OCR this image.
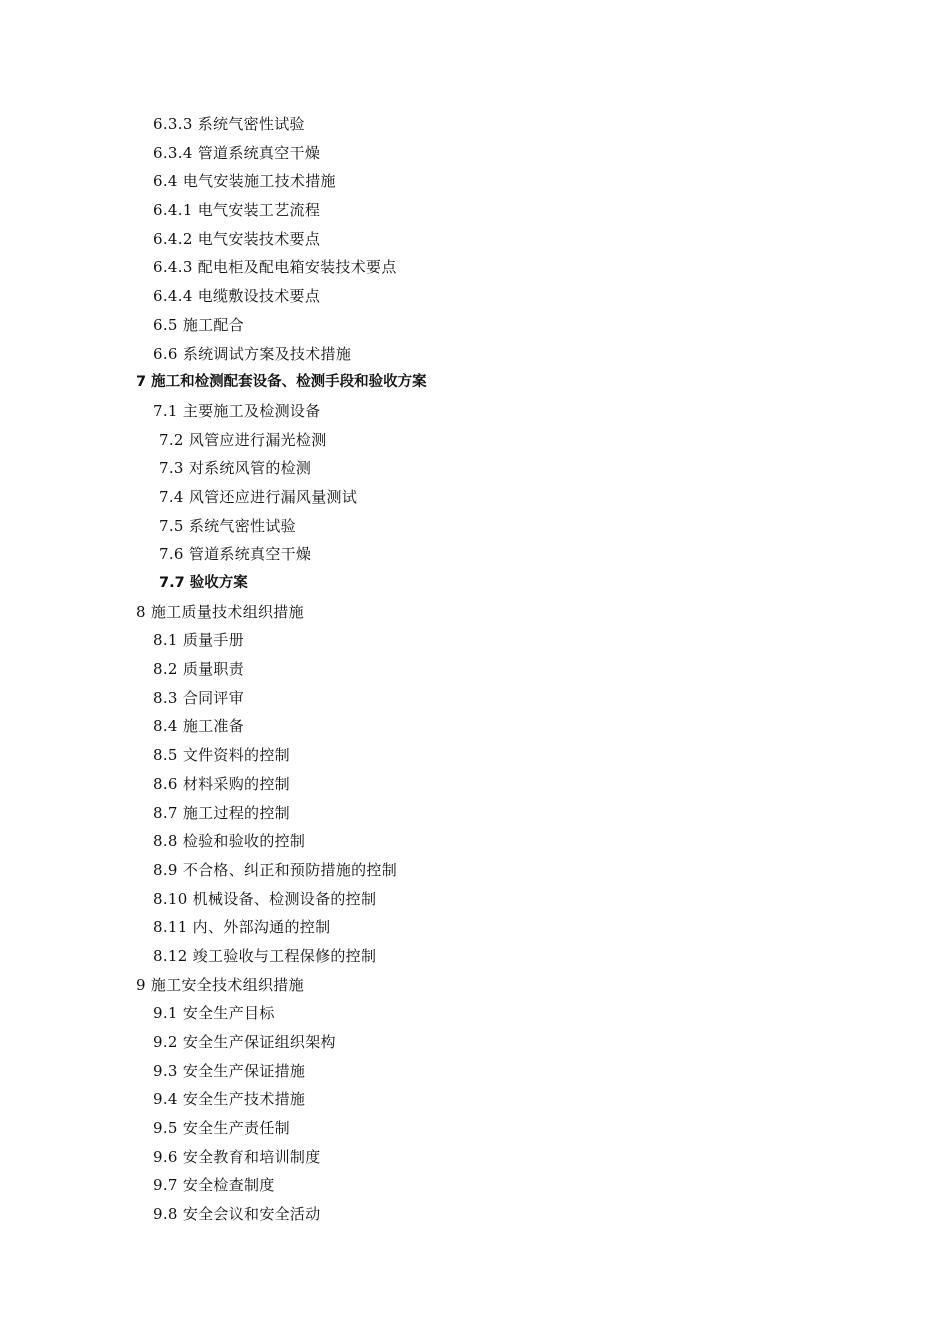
6.3.3 系统气密性试验
6.3.4 管道系统真空干燥
6.4 电气安装施工技术措施
6.4.1 电气安装工艺流程
6.4.2 电气安装技术要点
6.4.3 配电柜及配电箱安装技术要点
6.4.4 电缆敷设技术要点
6.5 施工配合
6.6 系统调试方案及技术措施
7 施工和检测配套设备、检测手段和验收方案
7.1 主要施工及检测设备
7.2 风管应进行漏光检测
7.3 对系统风管的检测
7.4 风管还应进行漏风量测试
7.5 系统气密性试验
7.6 管道系统真空干燥
7.7 验收方案
8 施工质量技术组织措施
8.1 质量手册
8.2 质量职责
8.3 合同评审
8.4 施工准备
8.5 文件资料的控制
8.6 材料采购的控制
8.7 施工过程的控制
8.8 检验和验收的控制
8.9 不合格、纠正和预防措施的控制
8.10 机械设备、检测设备的控制
8.11 内、外部沟通的控制
8.12 竣工验收与工程保修的控制
9 施工安全技术组织措施
9.1 安全生产目标
9.2 安全生产保证组织架构
9.3 安全生产保证措施
9.4 安全生产技术措施
9.5 安全生产责任制
9.6 安全教育和培训制度
9.7 安全检查制度
9.8 安全会议和安全活动
